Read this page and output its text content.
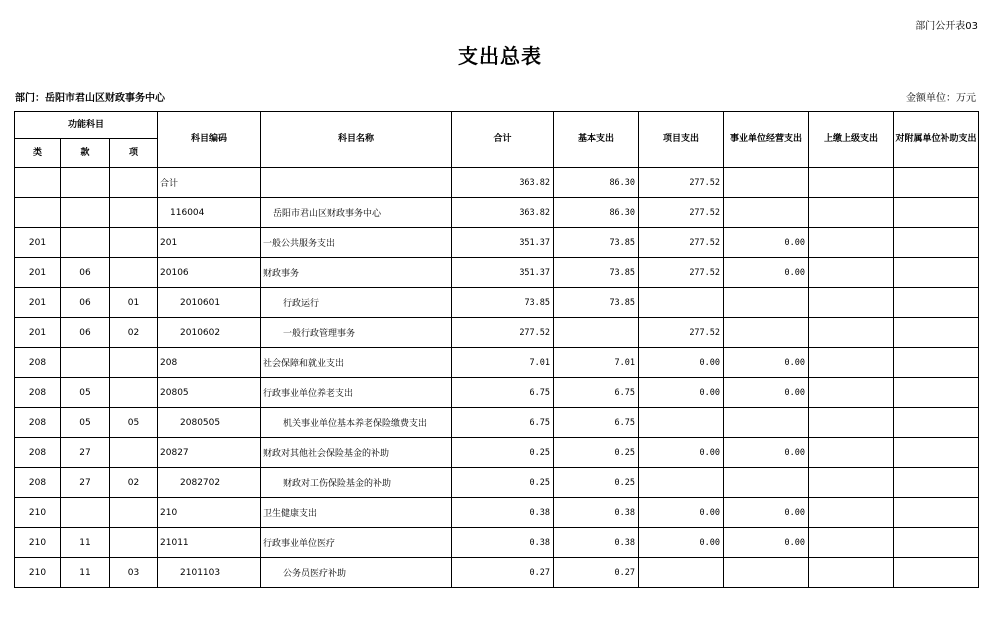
部门公开表03
支出总表
部门：岳阳市君山区财政事务中心	金额单位：万元
功能科目			科目编码	科目名称	合计	基本支出	项目支出	事业单位经营支出	上缴上级支出	对附属单位补助支出
类	款	项								
			合计		363.82	86.30	277.52			
			116004	岳阳市君山区财政事务中心	363.82	86.30	277.52			
201			201	一般公共服务支出	351.37	73.85	277.52	0.00		
201	06		20106	财政事务	351.37	73.85	277.52	0.00		
201	06	01	2010601	行政运行	73.85	73.85				
201	06	02	2010602	一般行政管理事务	277.52		277.52			
208			208	社会保障和就业支出	7.01	7.01	0.00	0.00		
208	05		20805	行政事业单位养老支出	6.75	6.75	0.00	0.00		
208	05	05	2080505	机关事业单位基本养老保险缴费支出	6.75	6.75				
208	27		20827	财政对其他社会保险基金的补助	0.25	0.25	0.00	0.00		
208	27	02	2082702	财政对工伤保险基金的补助	0.25	0.25				
210			210	卫生健康支出	0.38	0.38	0.00	0.00		
210	11		21011	行政事业单位医疗	0.38	0.38	0.00	0.00		
210	11	03	2101103	公务员医疗补助	0.27	0.27				
